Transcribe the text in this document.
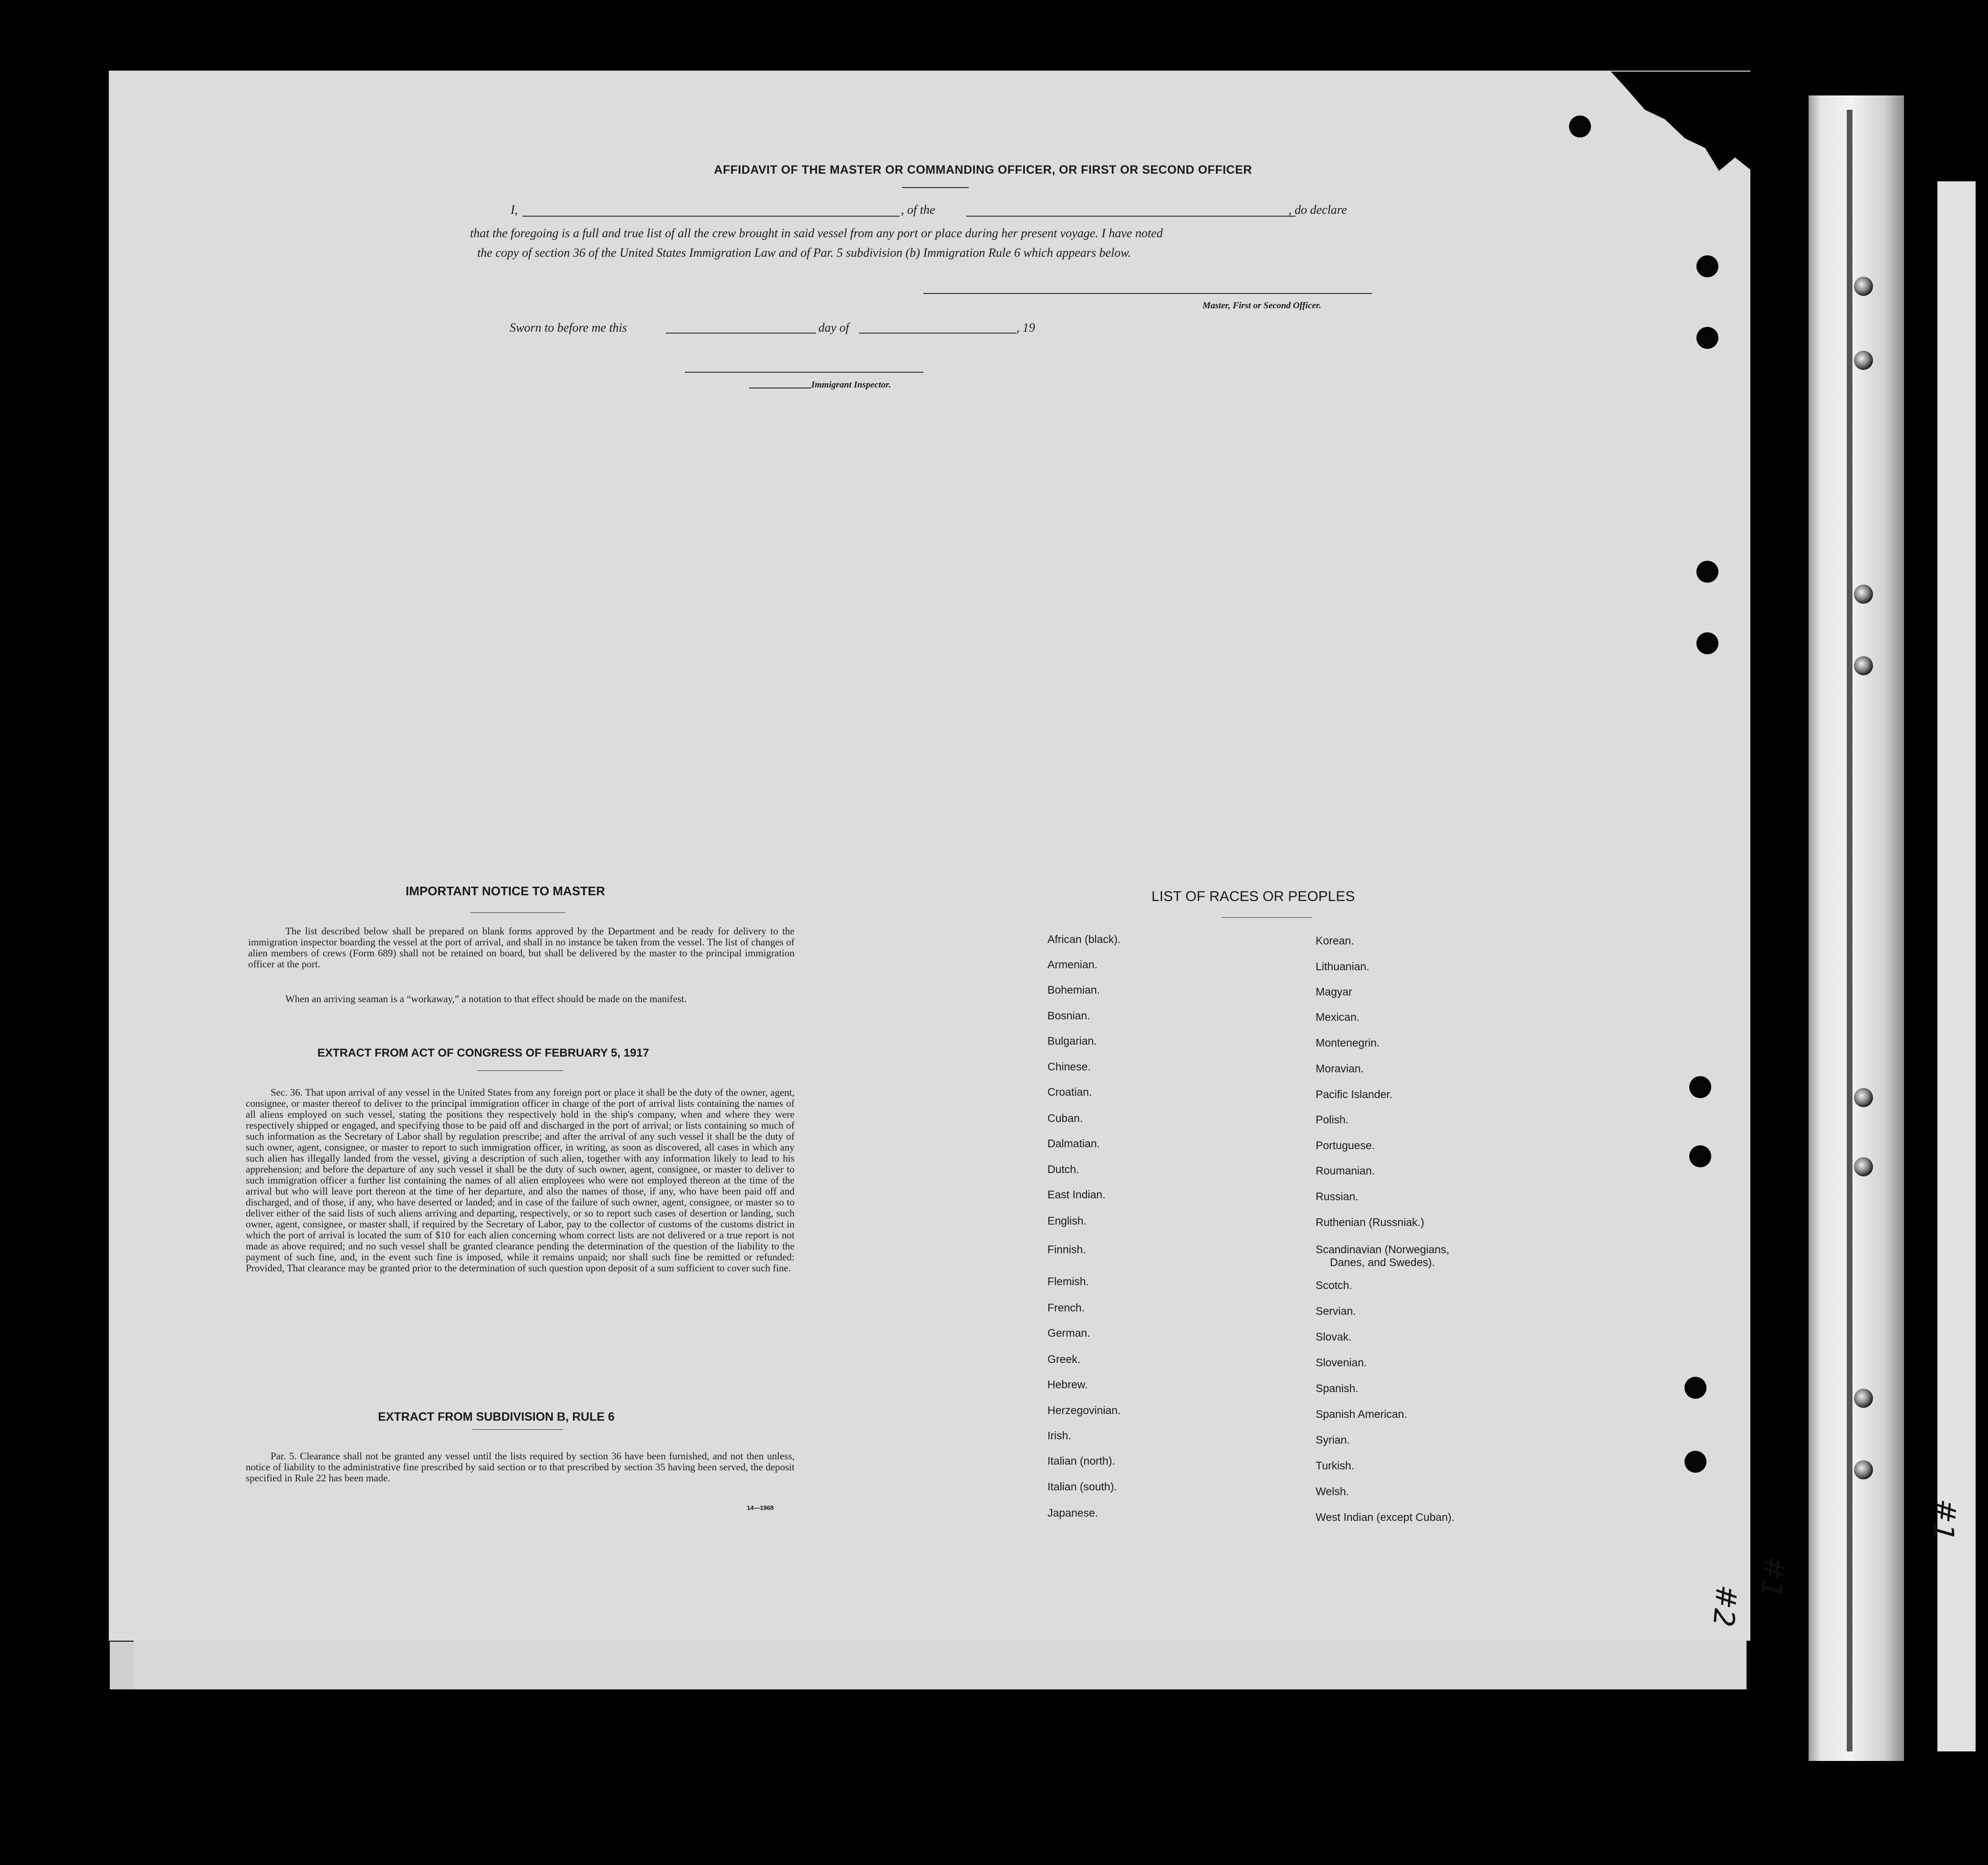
#2
#1
#1
AFFIDAVIT OF THE MASTER OR COMMANDING OFFICER, OR FIRST OR SECOND OFFICER
I,	, of the	, do declare
that the foregoing is a full and true list of all the crew brought in said vessel from any port or place during her present voyage. I have noted
the copy of section 36 of the United States Immigration Law and of Par. 5 subdivision (b) Immigration Rule 6 which appears below.
Master, First or Second Officer.
Sworn to before me this	day of	, 19
Immigrant Inspector.
IMPORTANT NOTICE TO MASTER
The list described below shall be prepared on blank forms approved by the Department and be ready for delivery to the immigration inspector boarding the vessel at the port of arrival, and shall in no instance be taken from the vessel. The list of changes of alien members of crews (Form 689) shall not be retained on board, but shall be delivered by the master to the principal immigration officer at the port.
When an arriving seaman is a “workaway,” a notation to that effect should be made on the manifest.
EXTRACT FROM ACT OF CONGRESS OF FEBRUARY 5, 1917
Sec. 36. That upon arrival of any vessel in the United States from any foreign port or place it shall be the duty of the owner, agent, consignee, or master thereof to deliver to the principal immigration officer in charge of the port of arrival lists containing the names of all aliens employed on such vessel, stating the positions they respectively hold in the ship's company, when and where they were respectively shipped or engaged, and specifying those to be paid off and discharged in the port of arrival; or lists containing so much of such information as the Secretary of Labor shall by regulation prescribe; and after the arrival of any such vessel it shall be the duty of such owner, agent, consignee, or master to report to such immigration officer, in writing, as soon as discovered, all cases in which any such alien has illegally landed from the vessel, giving a description of such alien, together with any information likely to lead to his apprehension; and before the departure of any such vessel it shall be the duty of such owner, agent, consignee, or master to deliver to such immigration officer a further list containing the names of all alien employees who were not employed thereon at the time of the arrival but who will leave port thereon at the time of her departure, and also the names of those, if any, who have been paid off and discharged, and of those, if any, who have deserted or landed; and in case of the failure of such owner, agent, consignee, or master so to deliver either of the said lists of such aliens arriving and departing, respectively, or so to report such cases of desertion or landing, such owner, agent, consignee, or master shall, if required by the Secretary of Labor, pay to the collector of customs of the customs district in which the port of arrival is located the sum of $10 for each alien concerning whom correct lists are not delivered or a true report is not made as above required; and no such vessel shall be granted clearance pending the determination of the question of the liability to the payment of such fine, and, in the event such fine is imposed, while it remains unpaid; nor shall such fine be remitted or refunded: Provided, That clearance may be granted prior to the determination of such question upon deposit of a sum sufficient to cover such fine.
EXTRACT FROM SUBDIVISION B, RULE 6
Par. 5. Clearance shall not be granted any vessel until the lists required by section 36 have been furnished, and not then unless, notice of liability to the administrative fine prescribed by said section or to that prescribed by section 35 having been served, the deposit specified in Rule 22 has been made.
14—1968
LIST OF RACES OR PEOPLES
African (black).
Armenian.
Bohemian.
Bosnian.
Bulgarian.
Chinese.
Croatian.
Cuban.
Dalmatian.
Dutch.
East Indian.
English.
Finnish.
Flemish.
French.
German.
Greek.
Hebrew.
Herzegovinian.
Irish.
Italian (north).
Italian (south).
Japanese.
Korean.
Lithuanian.
Magyar
Mexican.
Montenegrin.
Moravian.
Pacific Islander.
Polish.
Portuguese.
Roumanian.
Russian.
Ruthenian (Russniak.)
Scandinavian (Norwegians,
Danes, and Swedes).
Scotch.
Servian.
Slovak.
Slovenian.
Spanish.
Spanish American.
Syrian.
Turkish.
Welsh.
West Indian (except Cuban).
